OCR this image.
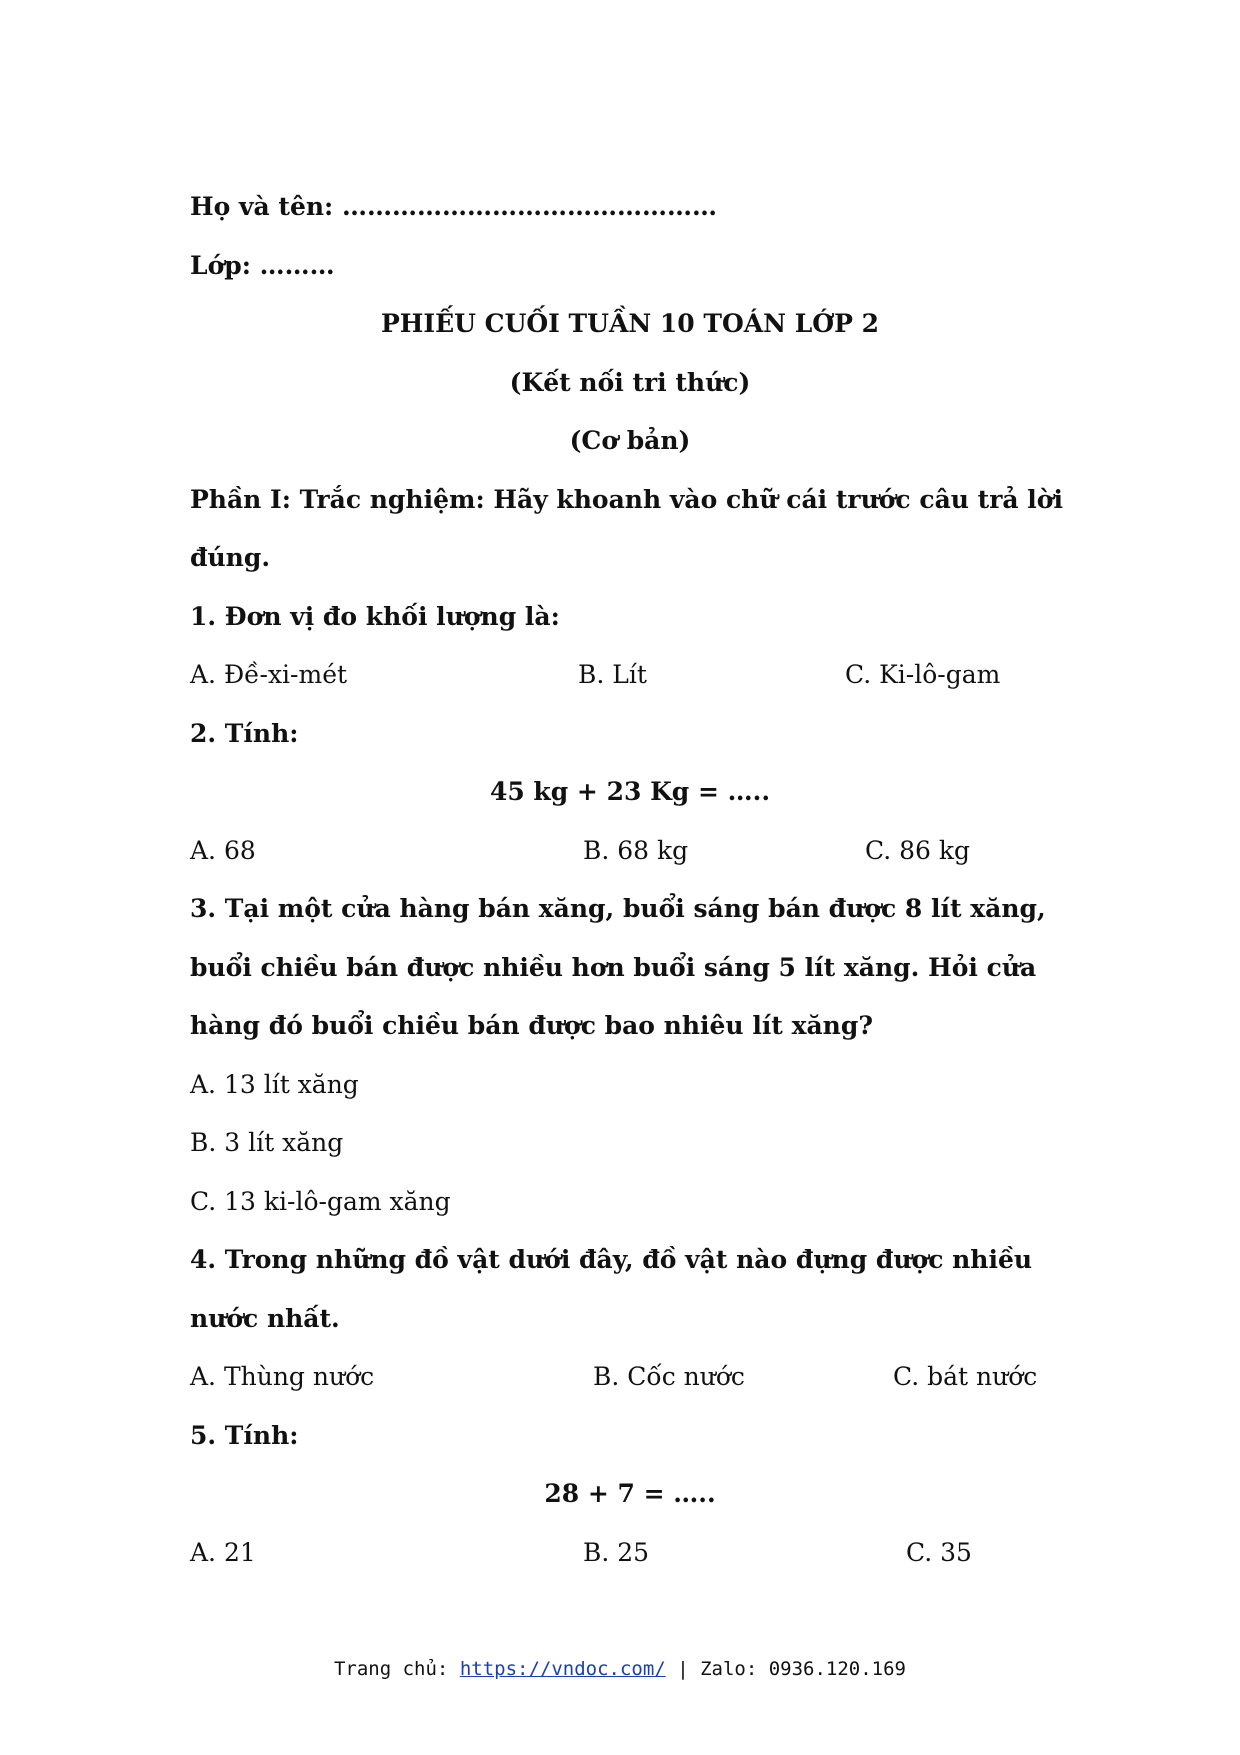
Họ và tên: ………………………………………
Lớp: ………
PHIẾU CUỐI TUẦN 10 TOÁN LỚP 2
(Kết nối tri thức)
(Cơ bản)
Phần I: Trắc nghiệm: Hãy khoanh vào chữ cái trước câu trả lời
đúng.
1. Đơn vị đo khối lượng là:
A. Đề-xi-mét	B. Lít	C. Ki-lô-gam
2. Tính:
45 kg + 23 Kg = …..
A. 68	B. 68 kg	C. 86 kg
3. Tại một cửa hàng bán xăng, buổi sáng bán được 8 lít xăng,
buổi chiều bán được nhiều hơn buổi sáng 5 lít xăng. Hỏi cửa
hàng đó buổi chiều bán được bao nhiêu lít xăng?
A. 13 lít xăng
B. 3 lít xăng
C. 13 ki-lô-gam xăng
4. Trong những đồ vật dưới đây, đồ vật nào đựng được nhiều
nước nhất.
A. Thùng nước	B. Cốc nước	C. bát nước
5. Tính:
28 + 7 = …..
A. 21	B. 25	C. 35
Trang chủ: https://vndoc.com/ | Zalo: 0936.120.169
